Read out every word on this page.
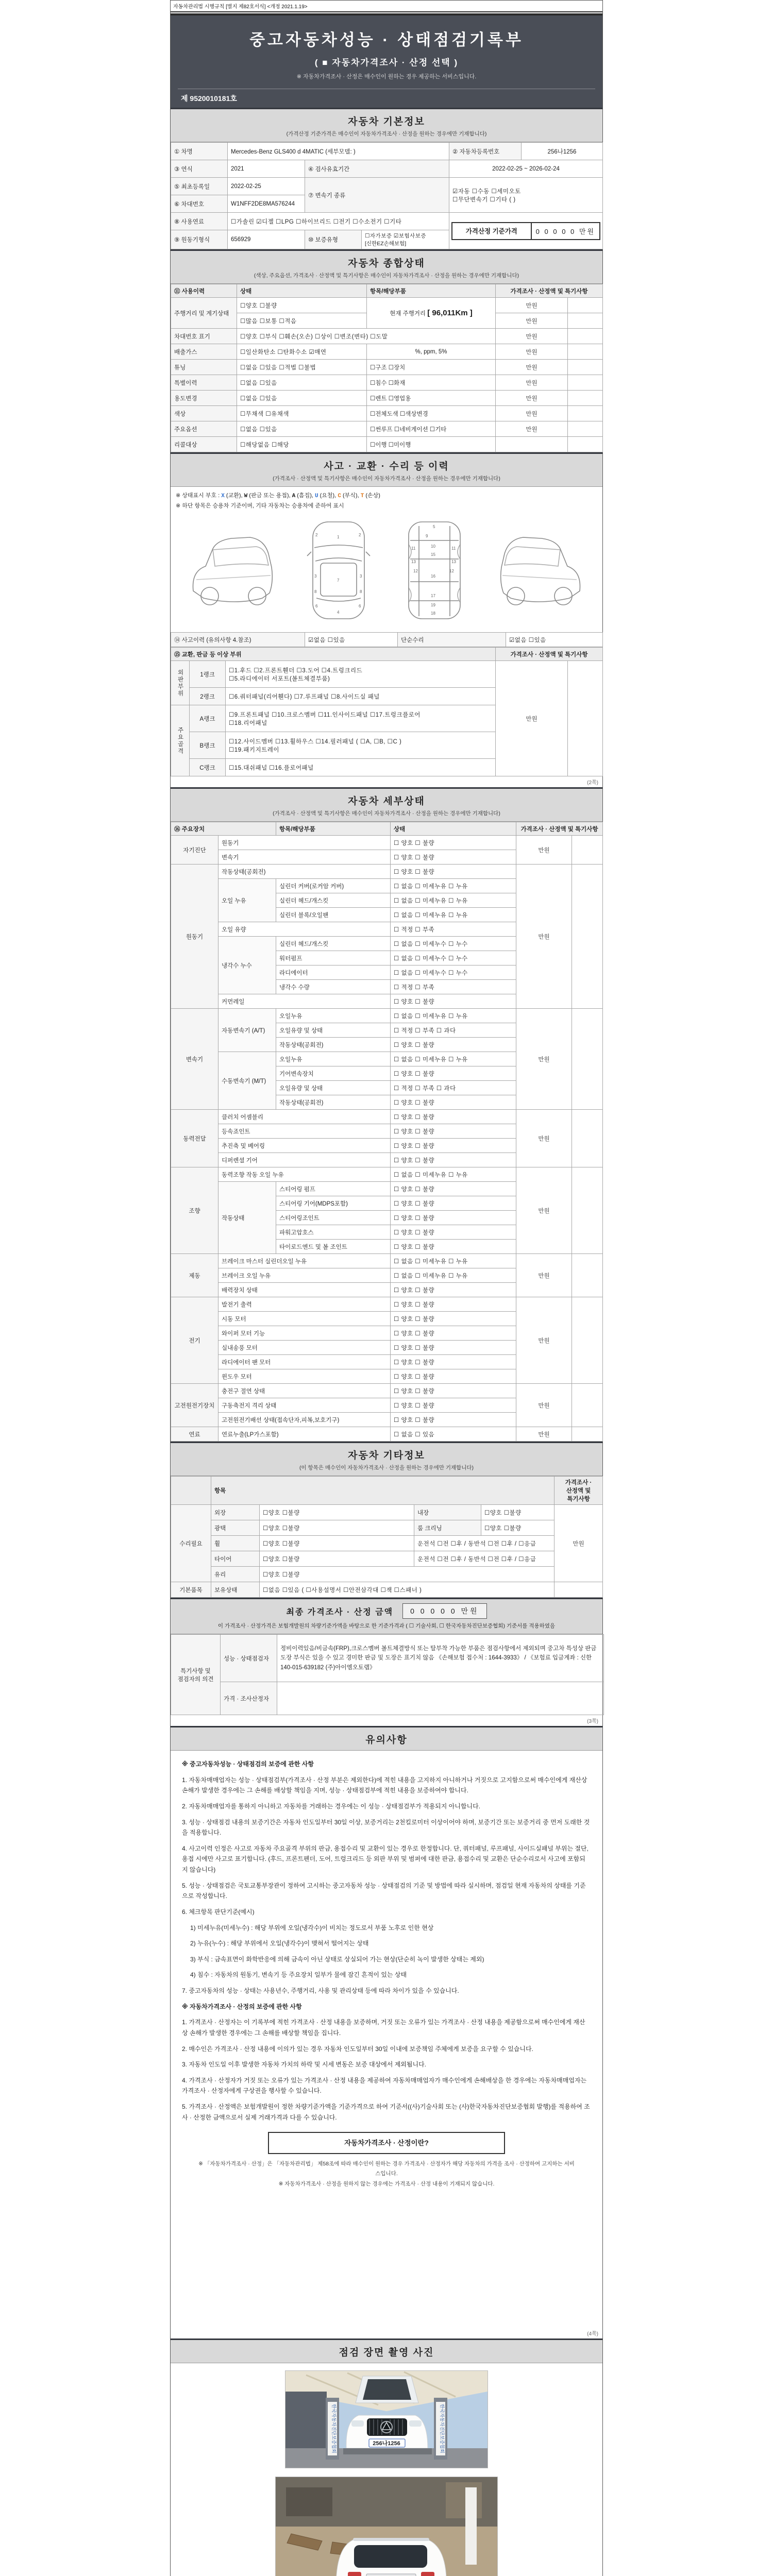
자동차관리법 시행규칙 [별지 제82호서식] <개정 2021.1.19>
중고자동차성능 · 상태점검기록부
( ■ 자동차가격조사 · 산정 선택 )
※ 자동차가격조사 · 산정은 매수인이 원하는 경우 제공하는 서비스입니다.
제 9520010181호
자동차 기본정보
(가격산정 기준가격은 매수인이 자동차가격조사 · 산정을 원하는 경우에만 기재합니다)
① 차명	Mercedes-Benz GLS400 d 4MATIC (세부모델: )			② 자동차등록번호	256나1256
③ 연식	2021	④ 검사유효기간		2022-02-25 ~ 2026-02-24	
⑤ 최초등록일	2022-02-25	⑦ 변속기 종류		☑자동 ☐수동 ☐세미오토
☐무단변속기 ☐기타 ( )	

⑥ 차대번호	W1NFF2DE8MA576244				
⑧ 사용연료	☐가솔린 ☑디젤 ☐LPG ☐하이브리드 ☐전기 ☐수소전기 ☐기타			가격산정 기준가격 0 0 0 0 0 만원	

⑨ 원동기형식	656929	⑩ 보증유형	☐자가보증 ☑보험사보증 [신한EZ손해보험]		
자동차 종합상태
(색상, 주요옵션, 가격조사 · 산정액 및 특기사항은 매수인이 자동차가격조사 · 산정을 원하는 경우에만 기재합니다)
⑪ 사용이력	상태	항목/해당부품	가격조사 · 산정액 및 특기사항	
주행거리 및 계기상태	☐양호 ☐불량	현재 주행거리 [ 96,011Km ]	만원	
	☐많음 ☐보통 ☐적음		만원	
차대번호 표기	☐양호 ☐부식 ☐훼손(오손) ☐상이 ☐변조(변타) ☐도말		만원	
배출가스	☐일산화탄소 ☐탄화수소 ☑매연	%, ppm, 5%	만원	
튜닝	☐없음 ☐있음 ☐적법 ☐불법	☐구조 ☐장치	만원	
특별이력	☐없음 ☐있음	☐침수 ☐화재	만원	
용도변경	☐없음 ☐있음	☐렌트 ☐영업용	만원	
색상	☐무채색 ☐유채색	☐전체도색 ☐색상변경	만원	
주요옵션	☐없음 ☐있음	☐썬루프 ☐네비게이션 ☐기타	만원	
리콜대상	☐해당없음 ☐해당	☐이행 ☐미이행		
사고 · 교환 · 수리 등 이력
(가격조사 · 산정액 및 특기사항은 매수인이 자동차가격조사 · 산정을 원하는 경우에만 기재합니다)
※ 상태표시 부호 : X (교환), W (판금 또는 용접), A (흠집), U (요철), C (부식), T (손상)
※ 하단 항목은 승용차 기준이며, 기타 자동차는 승용차에 준하여 표시
1
2	2
3	3
4
6	6
7
8	8
5
9
10
11	11
12	12
13	13
15
16
17
18
19
⑭ 사고이력 (유의사항 4.참조)	☑없음 ☐있음	단순수리	☑없음 ☐있음
⑮ 교환, 판금 등 이상 부위			가격조사 · 산정액 및 특기사항	
외판부위	1랭크	☐1.후드 ☐2.프론트휀더 ☐3.도어 ☐4.트렁크리드
☐5.라디에이터 서포트(볼트체결부품)	만원	
	2랭크	☐6.쿼터패널(리어휀다) ☐7.루프패널 ☐8.사이드실 패널		
주요골격	A랭크	☐9.프론트패널 ☐10.크로스멤버 ☐11.인사이드패널 ☐17.트렁크플로어
☐18.리어패널		

	B랭크	☐12.사이드멤버 ☐13.휠하우스 ☐14.필러패널 ( ☐A, ☐B, ☐C )
☐19.패키지트레이		

	C랭크	☐15.대쉬패널 ☐16.플로어패널		
(2쪽)
자동차 세부상태
(가격조사 · 산정액 및 특기사항은 매수인이 자동차가격조사 · 산정을 원하는 경우에만 기재합니다)
⑯ 주요장치		항목/해당부품	상태	가격조사 · 산정액 및 특기사항	
자기진단	원동기		☐ 양호 ☐ 불량	만원	
	변속기		☐ 양호 ☐ 불량		
원동기	작동상태(공회전)		☐ 양호 ☐ 불량	만원	
	오일 누유	실린더 커버(로커암 커버)	☐ 없음 ☐ 미세누유 ☐ 누유		
		실린더 헤드/개스킷	☐ 없음 ☐ 미세누유 ☐ 누유		
		실린더 블록/오일팬	☐ 없음 ☐ 미세누유 ☐ 누유		
	오일 유량		☐ 적정 ☐ 부족		
	냉각수 누수	실린더 헤드/개스킷	☐ 없음 ☐ 미세누수 ☐ 누수		
		워터펌프	☐ 없음 ☐ 미세누수 ☐ 누수		
		라디에이터	☐ 없음 ☐ 미세누수 ☐ 누수		
		냉각수 수량	☐ 적정 ☐ 부족		
	커먼레일		☐ 양호 ☐ 불량		
변속기	자동변속기 (A/T)	오일누유	☐ 없음 ☐ 미세누유 ☐ 누유	만원	
		오일유량 및 상태	☐ 적정 ☐ 부족 ☐ 과다		
		작동상태(공회전)	☐ 양호 ☐ 불량		
	수동변속기 (M/T)	오일누유	☐ 없음 ☐ 미세누유 ☐ 누유		
		기어변속장치	☐ 양호 ☐ 불량		
		오일유량 및 상태	☐ 적정 ☐ 부족 ☐ 과다		
		작동상태(공회전)	☐ 양호 ☐ 불량		
동력전달	클러치 어셈블리		☐ 양호 ☐ 불량	만원	
	등속죠인트		☐ 양호 ☐ 불량		
	추진축 및 베어링		☐ 양호 ☐ 불량		
	디퍼렌셜 기어		☐ 양호 ☐ 불량		
조향	동력조향 작동 오일 누유		☐ 없음 ☐ 미세누유 ☐ 누유	만원	
	작동상태	스티어링 펌프	☐ 양호 ☐ 불량		
		스티어링 기어(MDPS포함)	☐ 양호 ☐ 불량		
		스티어링조인트	☐ 양호 ☐ 불량		
		파워고압호스	☐ 양호 ☐ 불량		
		타이로드엔드 및 볼 조인트	☐ 양호 ☐ 불량		
제동	브레이크 마스터 실린더오일 누유		☐ 없음 ☐ 미세누유 ☐ 누유	만원	
	브레이크 오일 누유		☐ 없음 ☐ 미세누유 ☐ 누유		
	배력장치 상태		☐ 양호 ☐ 불량		
전기	발전기 출력		☐ 양호 ☐ 불량	만원	
	시동 모터		☐ 양호 ☐ 불량		
	와이퍼 모터 기능		☐ 양호 ☐ 불량		
	실내송풍 모터		☐ 양호 ☐ 불량		
	라디에이터 팬 모터		☐ 양호 ☐ 불량		
	윈도우 모터		☐ 양호 ☐ 불량		
고전원전기장치	충전구 절연 상태		☐ 양호 ☐ 불량	만원	
	구동축전지 격리 상태		☐ 양호 ☐ 불량		
	고전원전기배선 상태(접속단자,피복,보호기구)		☐ 양호 ☐ 불량		
연료	연료누출(LP가스포함)		☐ 없음 ☐ 있음	만원	
자동차 기타정보
(이 항목은 매수인이 자동차가격조사 · 산정을 원하는 경우에만 기재합니다)
	항목				가격조사 · 산정액 및 특기사항
수리필요	외장	☐양호 ☐불량	내장	☐양호 ☐불량	만원
	광택	☐양호 ☐불량	룸 크리닝	☐양호 ☐불량	
	휠	☐양호 ☐불량	운전석 ☐전 ☐후 / 동반석 ☐전 ☐후 / ☐응급		
	타이어	☐양호 ☐불량	운전석 ☐전 ☐후 / 동반석 ☐전 ☐후 / ☐응급		
	유리	☐양호 ☐불량			
기본품목	보유상태	☐없음 ☐있음 ( ☐사용설명서 ☐안전삼각대 ☐잭 ☐스패너 )			
최종 가격조사 · 산정 금액	0 0 0 0 0 만원
이 가격조사 · 산정가격은 보험개발원의 차량기준가액을 바탕으로 한 기준가격과 ( ☐ 기술사회, ☐ 한국자동차진단보증협회) 기준서를 적용하였음
특기사항 및 점검자의 의견	성능 · 상태점검자	정비이력있음/비금속(FRP),크로스멤버 볼트체결방식 또는 탈부착 가능한 부품은 점검사항에서 제외되며 중고차 특성상 판금 도장 부식은 있을 수 있고 경미한 판금 및 도장은 표기치 않음 《손해보험 접수처 : 1644-3933》 / 《보험료 입금계좌 : 신한 140-015-639182 (주)아이엠오토랩》
	가격 · 조사산정자	
(3쪽)
유의사항

※ 중고자동차성능 · 상태점검의 보증에 관한 사항

1. 자동차매매업자는 성능 · 상태점검부(가격조사 · 산정 부분은 제외한다)에 적힌 내용을 고지하지 아니하거나 거짓으로 고지함으로써 매수인에게 재산상 손해가 발생한 경우에는 그 손해를 배상할 책임을 지며, 성능 · 상태점검부에 적힌 내용을 보증하여야 합니다.

2. 자동차매매업자를 통하지 아니하고 자동차를 거래하는 경우에는 이 성능 · 상태점검부가 적용되지 아니합니다.

3. 성능 · 상태점검 내용의 보증기간은 자동차 인도일부터 30일 이상, 보증거리는 2천킬로미터 이상이어야 하며, 보증기간 또는 보증거리 중 먼저 도래한 것을 적용합니다.

4. 사고이력 인정은 사고로 자동차 주요골격 부위의 판금, 용접수리 및 교환이 있는 경우로 한정합니다. 단, 쿼터패널, 루프패널, 사이드실패널 부위는 절단, 용접 시에만 사고로 표기합니다. (후드, 프론트펜더, 도어, 트렁크리드 등 외판 부위 및 범퍼에 대한 판금, 용접수리 및 교환은 단순수리로서 사고에 포함되지 않습니다)

5. 성능 · 상태점검은 국토교통부장관이 정하여 고시하는 중고자동차 성능 · 상태점검의 기준 및 방법에 따라 실시하며, 점검일 현재 자동차의 상태를 기준으로 작성합니다.

6. 체크항목 판단기준(예시)

1) 미세누유(미세누수) : 해당 부위에 오일(냉각수)이 비치는 정도로서 부품 노후로 인한 현상

2) 누유(누수) : 해당 부위에서 오일(냉각수)이 맺혀서 떨어지는 상태

3) 부식 : 금속표면이 화학반응에 의해 금속이 아닌 상태로 상실되어 가는 현상(단순히 녹이 발생한 상태는 제외)

4) 침수 : 자동차의 원동기, 변속기 등 주요장치 일부가 물에 잠긴 흔적이 있는 상태

7. 중고자동차의 성능 · 상태는 사용년수, 주행거리, 사용 및 관리상태 등에 따라 차이가 있을 수 있습니다.

※ 자동차가격조사 · 산정의 보증에 관한 사항

1. 가격조사 · 산정자는 이 기록부에 적힌 가격조사 · 산정 내용을 보증하며, 거짓 또는 오류가 있는 가격조사 · 산정 내용을 제공함으로써 매수인에게 재산상 손해가 발생한 경우에는 그 손해를 배상할 책임을 집니다.

2. 매수인은 가격조사 · 산정 내용에 이의가 있는 경우 자동차 인도일부터 30일 이내에 보증책임 주체에게 보증을 요구할 수 있습니다.

3. 자동차 인도일 이후 발생한 자동차 가치의 하락 및 시세 변동은 보증 대상에서 제외됩니다.

4. 가격조사 · 산정자가 거짓 또는 오류가 있는 가격조사 · 산정 내용을 제공하여 자동차매매업자가 매수인에게 손해배상을 한 경우에는 자동차매매업자는 가격조사 · 산정자에게 구상권을 행사할 수 있습니다.

5. 가격조사 · 산정액은 보험개발원이 정한 차량기준가액을 기준가격으로 하여 기준서((사)기술사회 또는 (사)한국자동차진단보증협회 발행)를 적용하여 조사 · 산정한 금액으로서 실제 거래가격과 다를 수 있습니다.

자동차가격조사 · 산정이란?
※ 「자동차가격조사 · 산정」은 「자동차관리법」 제58조에 따라 매수인이 원하는 경우 가격조사 · 산정자가 해당 자동차의 가격을 조사 · 산정하여 고지하는 서비스입니다.
※ 자동차가격조사 · 산정을 원하지 않는 경우에는 가격조사 · 산정 내용이 기재되지 않습니다.
(4쪽)
점검 장면 촬영 사진
한국자동차진단보증협회	한국자동차진단보증협회
256나1256
